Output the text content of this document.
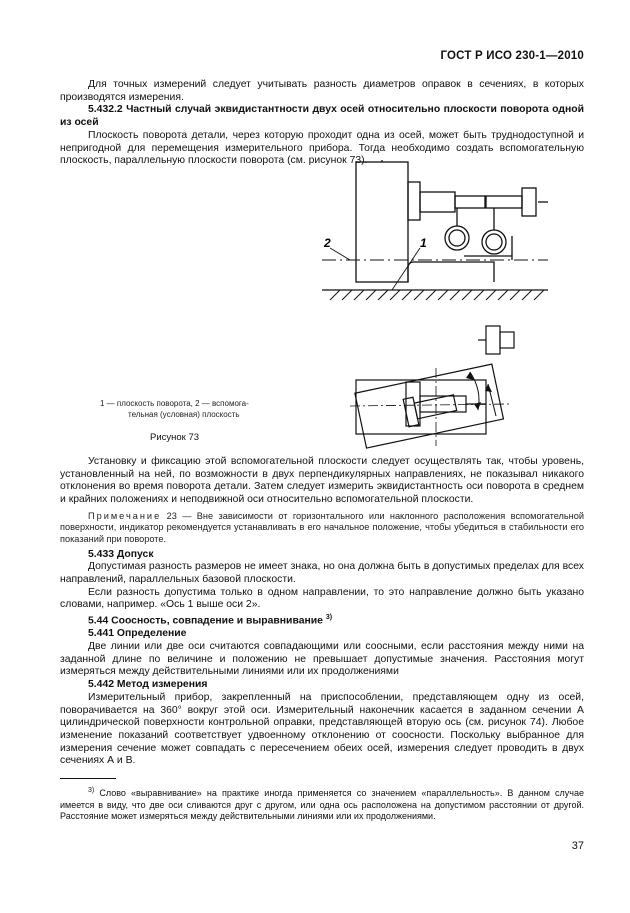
ГОСТ Р ИСО 230-1—2010

Для точных измерений следует учитывать разность диаметров оправок в сечениях, в которых производятся измерения.

5.432.2 Частный случай эквидистантности двух осей относительно плоскости поворота одной из осей

Плоскость поворота детали, через которую проходит одна из осей, может быть труднодоступной и непригодной для перемещения измерительного прибора. Тогда необходимо создать вспомогательную плоскость, параллельную плоскости поворота (см. рисунок 73).

1
2
1 — плоскость поворота, 2 — вспомога-
тельная (условная) плоскость
Рисунок 73

Установку и фиксацию этой вспомогательной плоскости следует осуществлять так, чтобы уровень, установленный на ней, по возможности в двух перпендикулярных направлениях, не показывал никакого отклонения во время поворота детали. Затем следует измерить эквидистантность оси поворота в среднем и крайних положениях и неподвижной оси относительно вспомогательной плоскости.

Примечание 23 — Вне зависимости от горизонтального или наклонного расположения вспомогательной поверхности, индикатор рекомендуется устанавливать в его начальное положение, чтобы убедиться в стабильности его показаний при повороте.

5.433 Допуск

Допустимая разность размеров не имеет знака, но она должна быть в допустимых пределах для всех направлений, параллельных базовой плоскости.

Если разность допустима только в одном направлении, то это направление должно быть указано словами, например. «Ось 1 выше оси 2».

5.44 Соосность, совпадение и выравнивание $^{3)}$

5.441 Определение

Две линии или две оси считаются совпадающими или соосными, если расстояния между ними на заданной длине по величине и положению не превышает допустимые значения. Расстояния могут измеряться между действительными линиями или их продолжениями

5.442 Метод измерения

Измерительный прибор, закрепленный на приспособлении, представляющем одну из осей, поворачивается на 360° вокруг этой оси. Измерительный наконечник касается в заданном сечении А цилиндрической поверхности контрольной оправки, представляющей вторую ось (см. рисунок 74). Любое изменение показаний соответствует удвоенному отклонению от соосности. Поскольку выбранное для измерения сечение может совпадать с пересечением обеих осей, измерения следует проводить в двух сечениях А и В.

$^{3)}$ Слово «выравнивание» на практике иногда применяется со значением «параллельность». В данном случае имеется в виду, что две оси сливаются друг с другом, или одна ось расположена на допустимом расстоянии от другой. Расстояние может измеряться между действительными линиями или их продолжениями.

37
